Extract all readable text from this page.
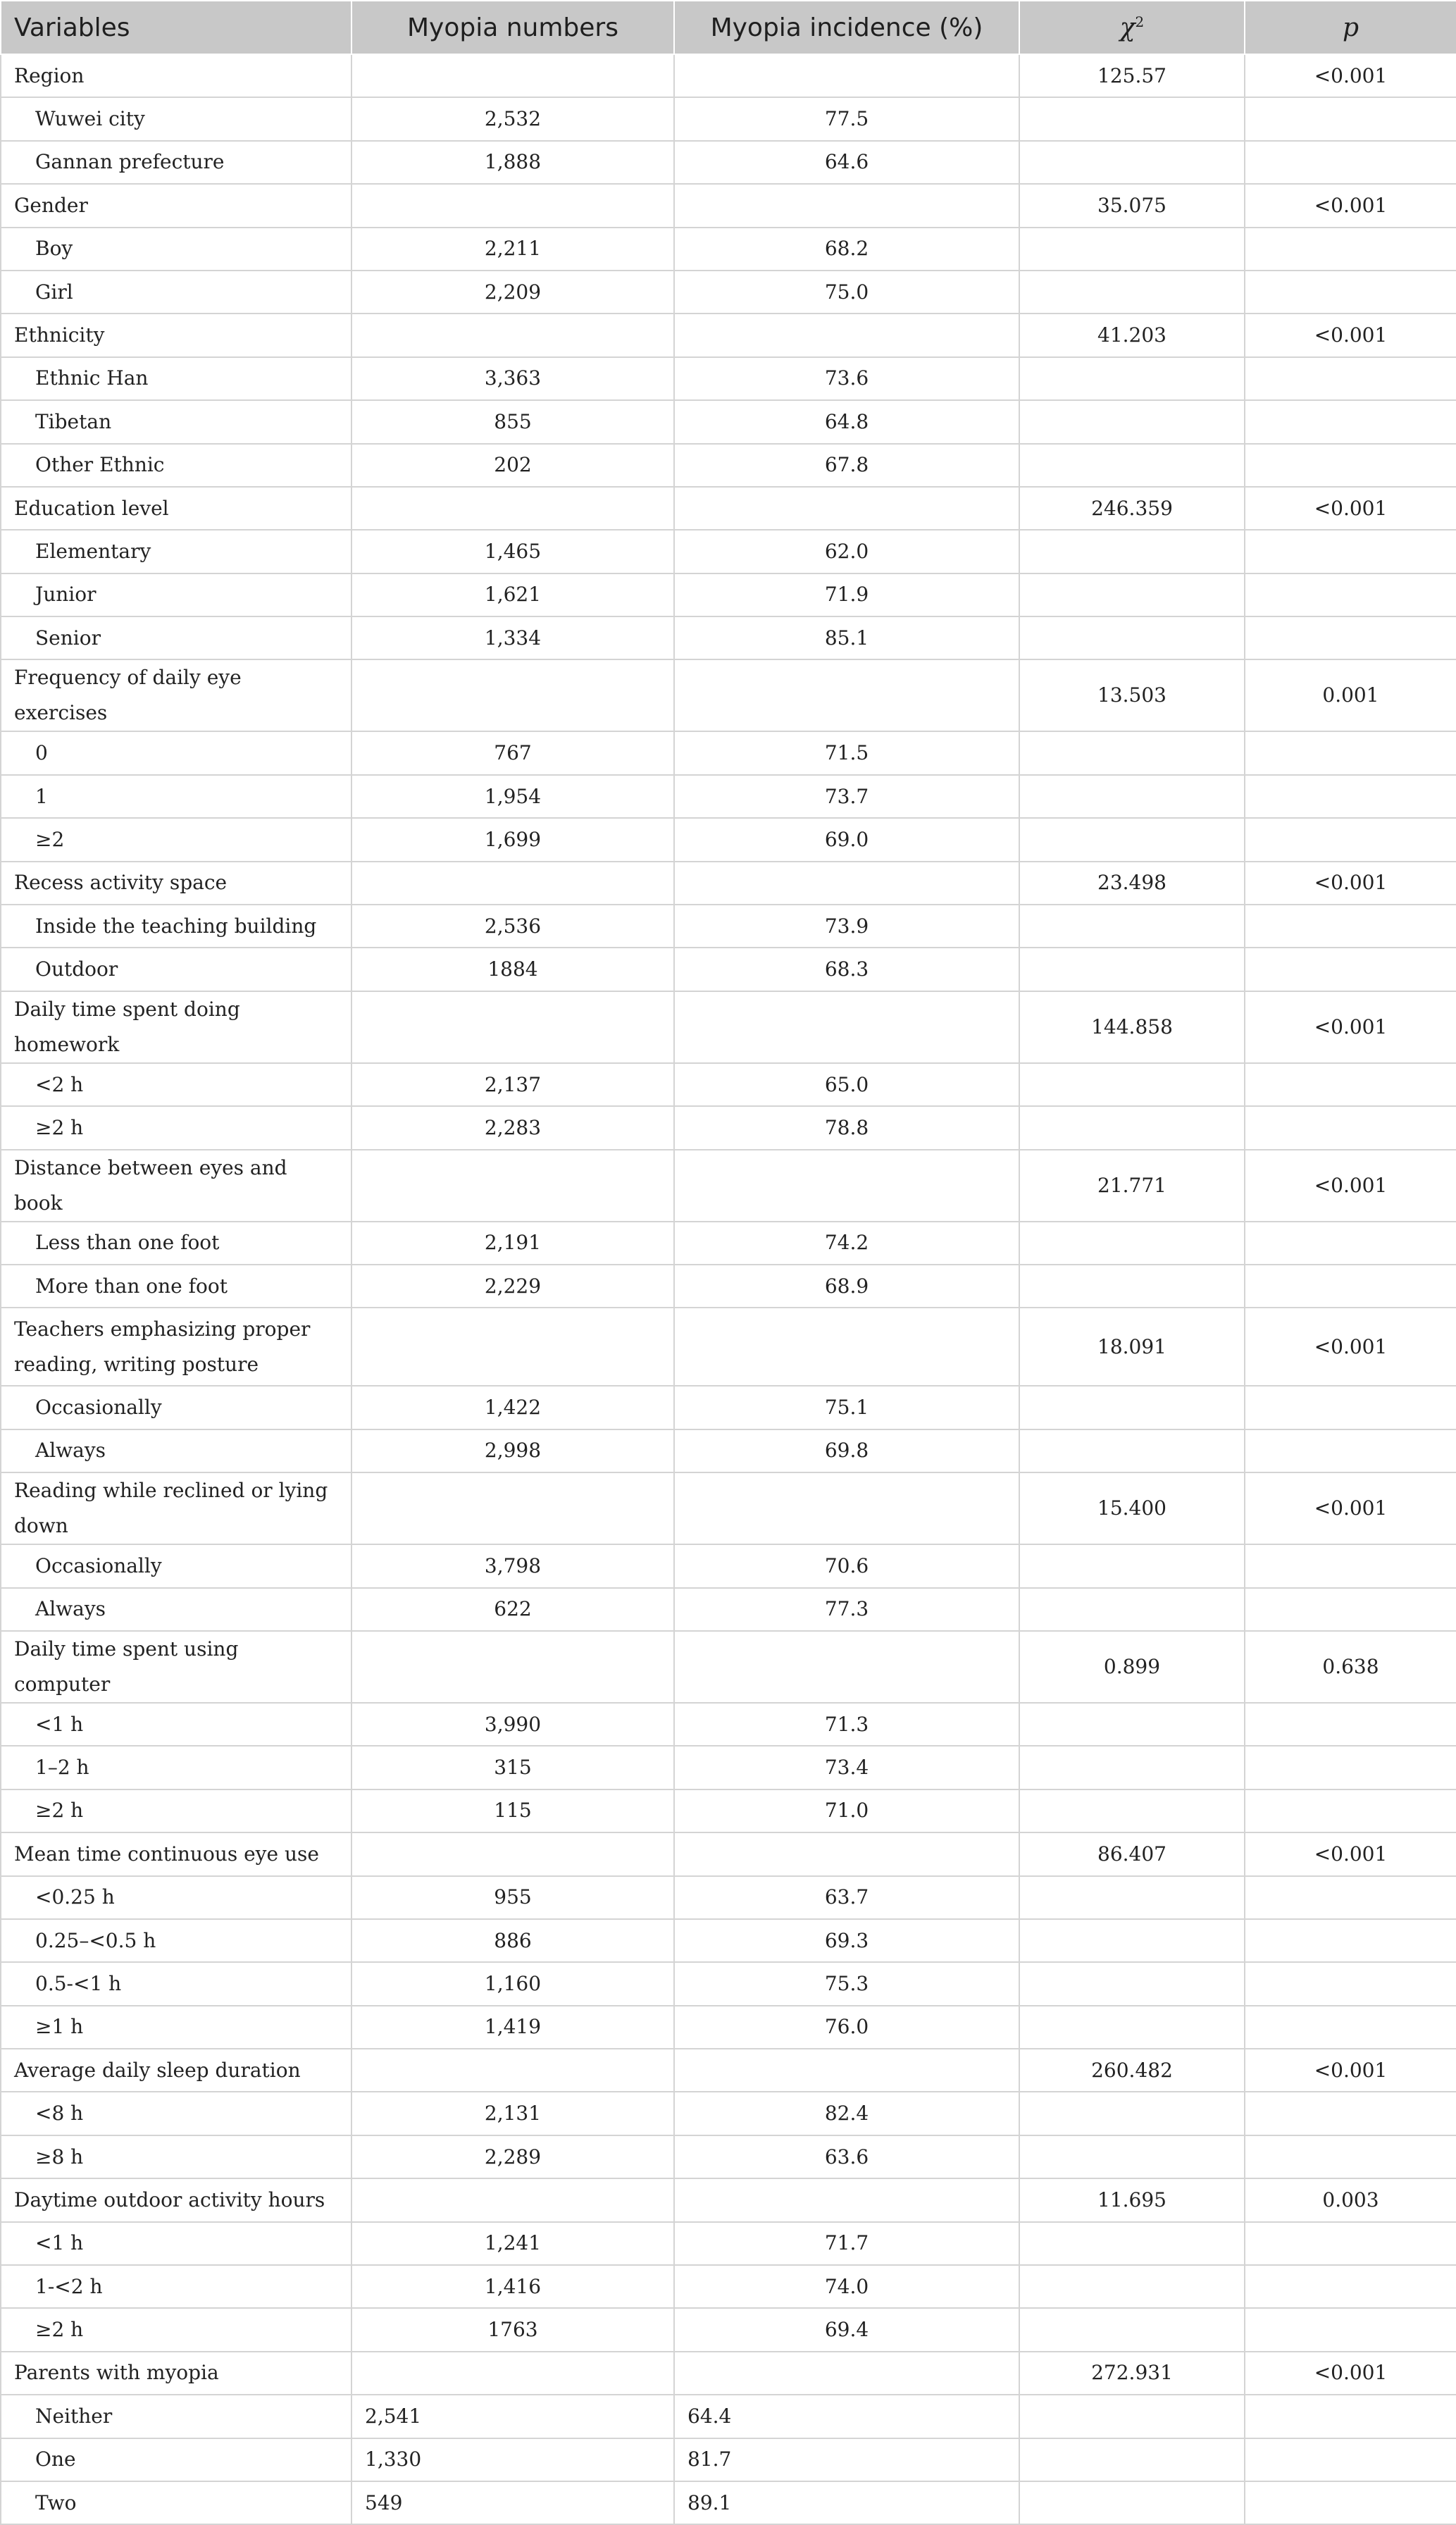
Variables	Myopia numbers	Myopia incidence (%)	$\chi^2$	p
Region			125.57	<0.001
Wuwei city	2,532	77.5		
Gannan prefecture	1,888	64.6		
Gender			35.075	<0.001
Boy	2,211	68.2		
Girl	2,209	75.0		
Ethnicity			41.203	<0.001
Ethnic Han	3,363	73.6		
Tibetan	855	64.8		
Other Ethnic	202	67.8		
Education level			246.359	<0.001
Elementary	1,465	62.0		
Junior	1,621	71.9		
Senior	1,334	85.1		
Frequency of daily eye exercises			13.503	0.001
0	767	71.5		
1	1,954	73.7		
≥2	1,699	69.0		
Recess activity space			23.498	<0.001
Inside the teaching building	2,536	73.9		
Outdoor	1884	68.3		
Daily time spent doing homework			144.858	<0.001
<2 h	2,137	65.0		
≥2 h	2,283	78.8		
Distance between eyes and book			21.771	<0.001
Less than one foot	2,191	74.2		
More than one foot	2,229	68.9		
Teachers emphasizing proper reading, writing posture			18.091	<0.001
Occasionally	1,422	75.1		
Always	2,998	69.8		
Reading while reclined or lying down			15.400	<0.001
Occasionally	3,798	70.6		
Always	622	77.3		
Daily time spent using computer			0.899	0.638
<1 h	3,990	71.3		
1–2 h	315	73.4		
≥2 h	115	71.0		
Mean time continuous eye use			86.407	<0.001
<0.25 h	955	63.7		
0.25–<0.5 h	886	69.3		
0.5-<1 h	1,160	75.3		
≥1 h	1,419	76.0		
Average daily sleep duration			260.482	<0.001
<8 h	2,131	82.4		
≥8 h	2,289	63.6		
Daytime outdoor activity hours			11.695	0.003
<1 h	1,241	71.7		
1-<2 h	1,416	74.0		
≥2 h	1763	69.4		
Parents with myopia			272.931	<0.001
Neither	2,541	64.4		
One	1,330	81.7		
Two	549	89.1		
